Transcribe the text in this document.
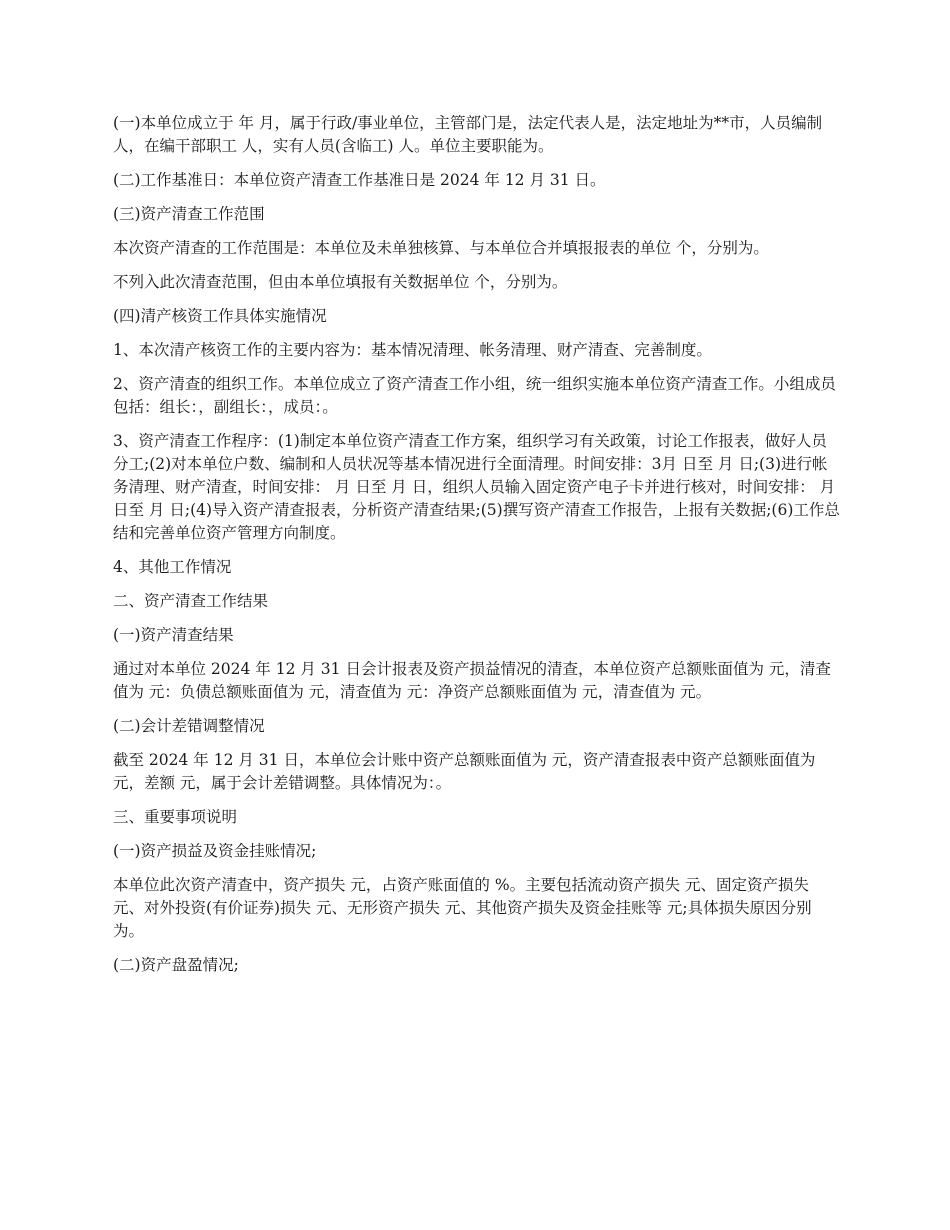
(一)本单位成立于 年 月，属于行政/事业单位，主管部门是，法定代表人是，法定地址为**市，人员编制 人，在编干部职工 人，实有人员(含临工) 人。单位主要职能为。

(二)工作基准日：本单位资产清查工作基准日是 2024 年 12 月 31 日。

(三)资产清查工作范围

本次资产清查的工作范围是：本单位及未单独核算、与本单位合并填报报表的单位 个，分别为。

不列入此次清查范围，但由本单位填报有关数据单位 个，分别为。

(四)清产核资工作具体实施情况

1、本次清产核资工作的主要内容为：基本情况清理、帐务清理、财产清查、完善制度。

2、资产清查的组织工作。本单位成立了资产清查工作小组，统一组织实施本单位资产清查工作。小组成员包括：组长：，副组长：，成员：。

3、资产清查工作程序：(1)制定本单位资产清查工作方案，组织学习有关政策，讨论工作报表，做好人员分工;(2)对本单位户数、编制和人员状况等基本情况进行全面清理。时间安排：3月 日至 月 日;(3)进行帐务清理、财产清查，时间安排： 月 日至 月 日，组织人员输入固定资产电子卡并进行核对，时间安排： 月 日至 月 日;(4)导入资产清查报表，分析资产清查结果;(5)撰写资产清查工作报告，上报有关数据;(6)工作总结和完善单位资产管理方向制度。

4、其他工作情况

二、资产清查工作结果

(一)资产清查结果

通过对本单位 2024 年 12 月 31 日会计报表及资产损益情况的清查，本单位资产总额账面值为 元，清查值为 元：负债总额账面值为 元，清查值为 元：净资产总额账面值为 元，清查值为 元。

(二)会计差错调整情况

截至 2024 年 12 月 31 日，本单位会计账中资产总额账面值为 元，资产清查报表中资产总额账面值为 元，差额 元，属于会计差错调整。具体情况为：。

三、重要事项说明

(一)资产损益及资金挂账情况;

本单位此次资产清查中，资产损失 元，占资产账面值的 %。主要包括流动资产损失 元、固定资产损失 元、对外投资(有价证券)损失 元、无形资产损失 元、其他资产损失及资金挂账等 元;具体损失原因分别为。

(二)资产盘盈情况;
